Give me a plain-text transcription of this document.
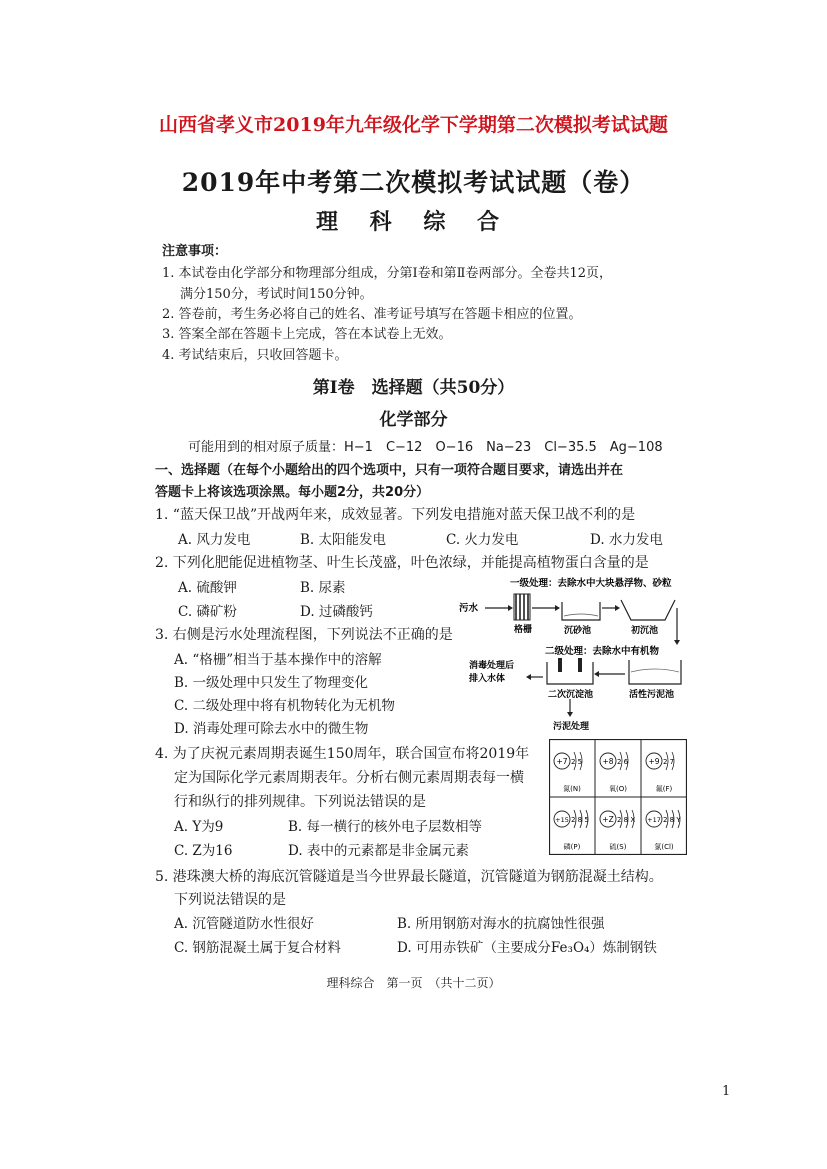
山西省孝义市2019年九年级化学下学期第二次模拟考试试题
2019年中考第二次模拟考试试题（卷）
理 科 综 合
注意事项：
1. 本试卷由化学部分和物理部分组成，分第Ⅰ卷和第Ⅱ卷两部分。全卷共12页，
满分150分，考试时间150分钟。
2. 答卷前，考生务必将自己的姓名、准考证号填写在答题卡相应的位置。
3. 答案全部在答题卡上完成，答在本试卷上无效。
4. 考试结束后，只收回答题卡。
第Ⅰ卷　选择题（共50分）
化学部分
可能用到的相对原子质量：H−1　C−12　O−16　Na−23　Cl−35.5　Ag−108
一、选择题（在每个小题给出的四个选项中，只有一项符合题目要求，请选出并在
答题卡上将该选项涂黑。每小题2分，共20分）
1. “蓝天保卫战”开战两年来，成效显著。下列发电措施对蓝天保卫战不利的是
A. 风力发电	B. 太阳能发电	C. 火力发电	D. 水力发电
2. 下列化肥能促进植物茎、叶生长茂盛，叶色浓绿，并能提高植物蛋白含量的是
A. 硫酸钾	B. 尿素
C. 磷矿粉	D. 过磷酸钙
3. 右侧是污水处理流程图，下列说法不正确的是
A. “格栅”相当于基本操作中的溶解
B. 一级处理中只发生了物理变化
C. 二级处理中将有机物转化为无机物
D. 消毒处理可除去水中的微生物
一级处理：去除水中大块悬浮物、砂粒
污水
格栅	沉砂池	初沉池
二级处理：去除水中有机物
消毒处理后
排入水体
二次沉淀池	活性污泥池
污泥处理
4. 为了庆祝元素周期表诞生150周年，联合国宣布将2019年
定为国际化学元素周期表年。分析右侧元素周期表每一横
行和纵行的排列规律。下列说法错误的是
A. Y为9	B. 每一横行的核外电子层数相等
C. Z为16	D. 表中的元素都是非金属元素
+7 2 5
氮(N)
+8 2 6
氧(O)
+9 2 7
氟(F)
+15 2 8 5
磷(P)
+Z 2 8 X
硫(S)
+17 2 8 Y
氯(Cl)
5. 港珠澳大桥的海底沉管隧道是当今世界最长隧道，沉管隧道为钢筋混凝土结构。
下列说法错误的是
A. 沉管隧道防水性很好	B. 所用钢筋对海水的抗腐蚀性很强
C. 钢筋混凝土属于复合材料	D. 可用赤铁矿（主要成分Fe₃O₄）炼制钢铁
理科综合　第一页　（共十二页）
1
